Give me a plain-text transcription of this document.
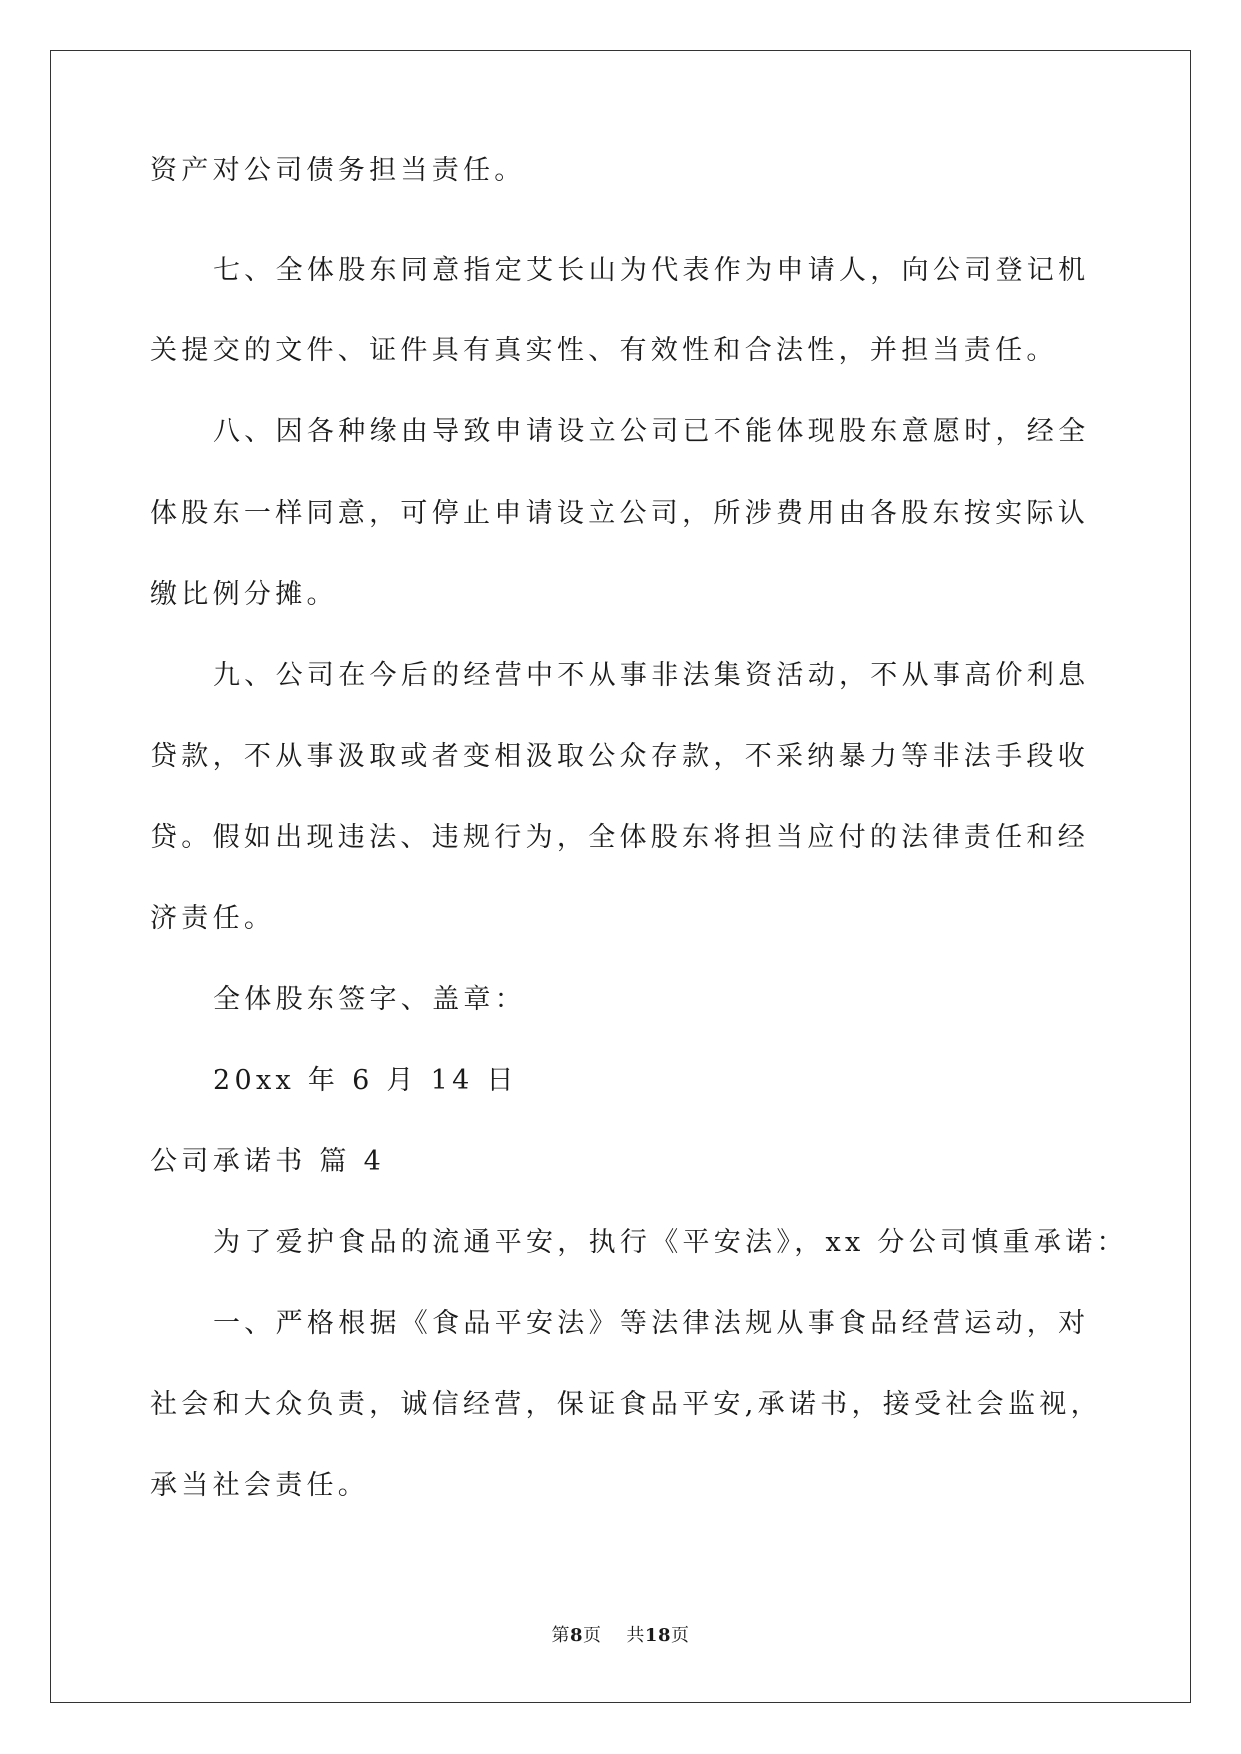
资产对公司债务担当责任。
七、全体股东同意指定艾长山为代表作为申请人，向公司登记机
关提交的文件、证件具有真实性、有效性和合法性，并担当责任。
八、因各种缘由导致申请设立公司已不能体现股东意愿时，经全
体股东一样同意，可停止申请设立公司，所涉费用由各股东按实际认
缴比例分摊。
九、公司在今后的经营中不从事非法集资活动，不从事高价利息
贷款，不从事汲取或者变相汲取公众存款，不采纳暴力等非法手段收
贷。假如出现违法、违规行为，全体股东将担当应付的法律责任和经
济责任。
全体股东签字、盖章：
20xx 年 6 月 14 日
公司承诺书 篇 4
为了爱护食品的流通平安，执行《平安法》，xx 分公司慎重承诺：
一、严格根据《食品平安法》等法律法规从事食品经营运动，对
社会和大众负责，诚信经营，保证食品平安,承诺书，接受社会监视，
承当社会责任。
第8页    共18页
